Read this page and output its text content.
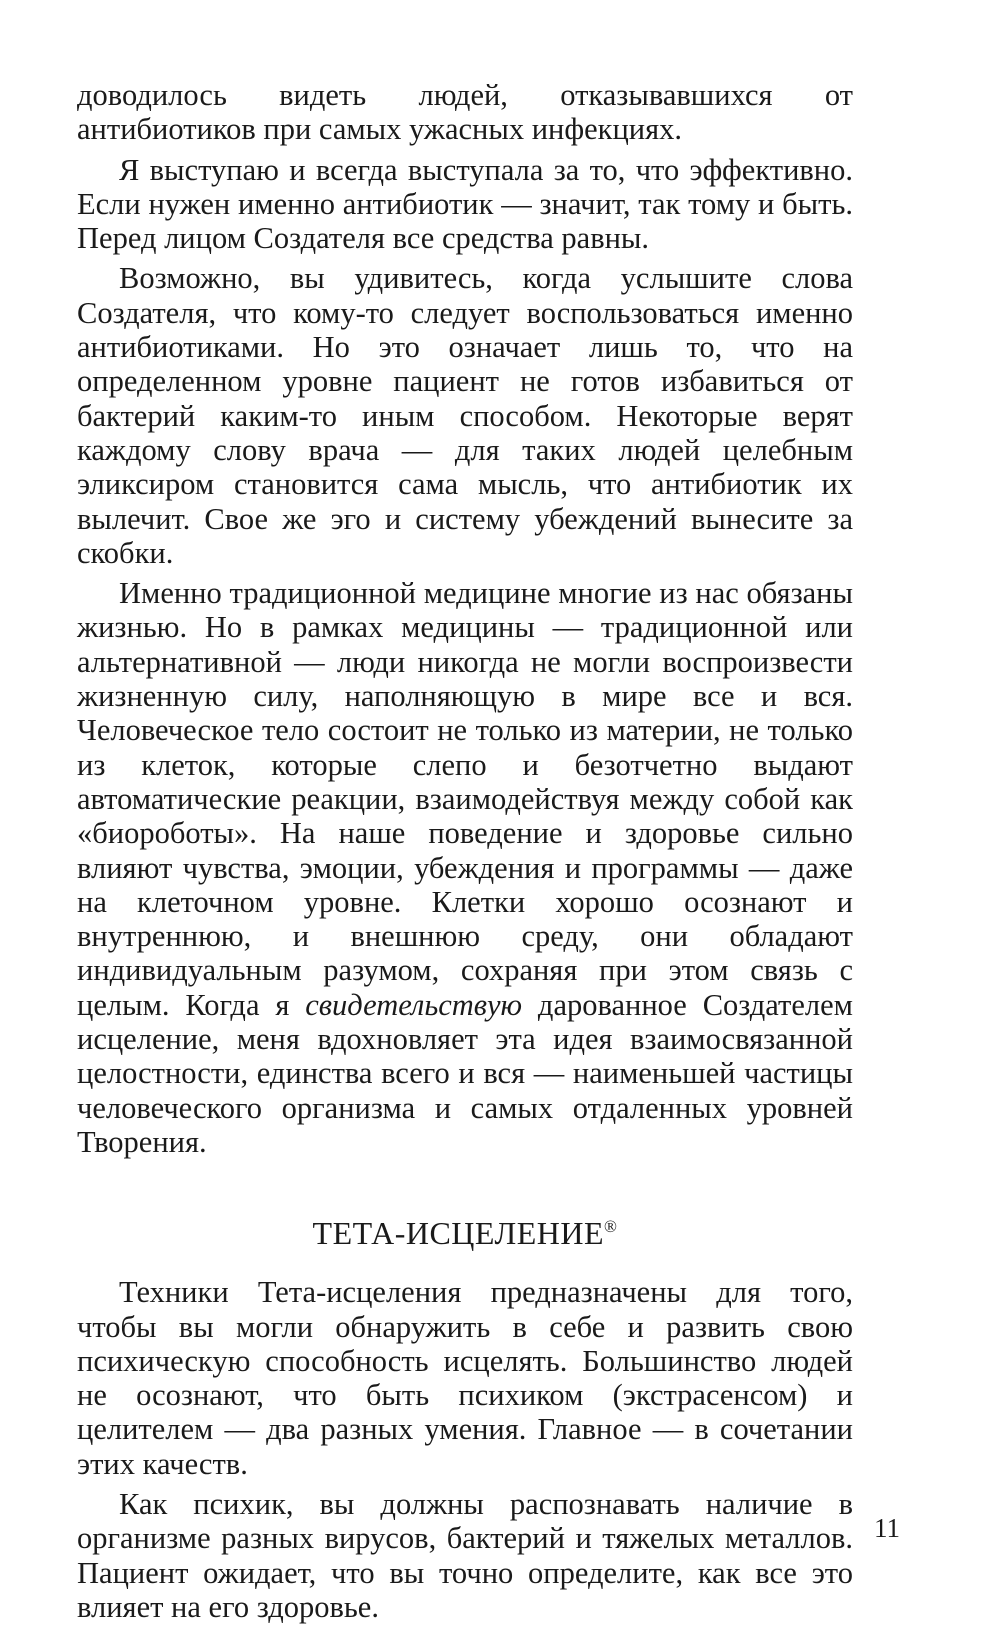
доводилось видеть людей, отказывавшихся от антибиотиков при самых ужасных инфекциях.

Я выступаю и всегда выступала за то, что эффективно. Если нужен именно антибиотик — значит, так тому и быть. Перед лицом Создателя все средства равны.

Возможно, вы удивитесь, когда услышите слова Создателя, что кому-то следует воспользоваться именно антибиотиками. Но это означает лишь то, что на определенном уровне пациент не готов избавиться от бактерий каким-то иным способом. Некоторые верят каждому слову врача — для таких людей целебным эликсиром становится сама мысль, что антибиотик их вылечит. Свое же эго и систему убеждений вынесите за скобки.

Именно традиционной медицине многие из нас обязаны жизнью. Но в рамках медицины — традиционной или альтернативной — люди никогда не могли воспроизвести жизненную силу, наполняющую в мире все и вся. Человеческое тело состоит не только из материи, не только из клеток, которые слепо и безотчетно выдают автоматические реакции, взаимодействуя между собой как «биороботы». На наше поведение и здоровье сильно влияют чувства, эмоции, убеждения и программы — даже на клеточном уровне. Клетки хорошо осознают и внутреннюю, и внешнюю среду, они обладают индивидуальным разумом, сохраняя при этом связь с целым. Когда я свидетельствую дарованное Создателем исцеление, меня вдохновляет эта идея взаимосвязанной целостности, единства всего и вся — наименьшей частицы человеческого организма и самых отдаленных уровней Творения.

ТЕТА-ИСЦЕЛЕНИЕ®

Техники Тета-исцеления предназначены для того, чтобы вы могли обнаружить в себе и развить свою психическую способность исцелять. Большинство людей не осознают, что быть психиком (экстрасенсом) и целителем — два разных умения. Главное — в сочетании этих качеств.

Как психик, вы должны распознавать наличие в организме разных вирусов, бактерий и тяжелых металлов. Пациент ожидает, что вы точно определите, как все это влияет на его здоровье.

11
